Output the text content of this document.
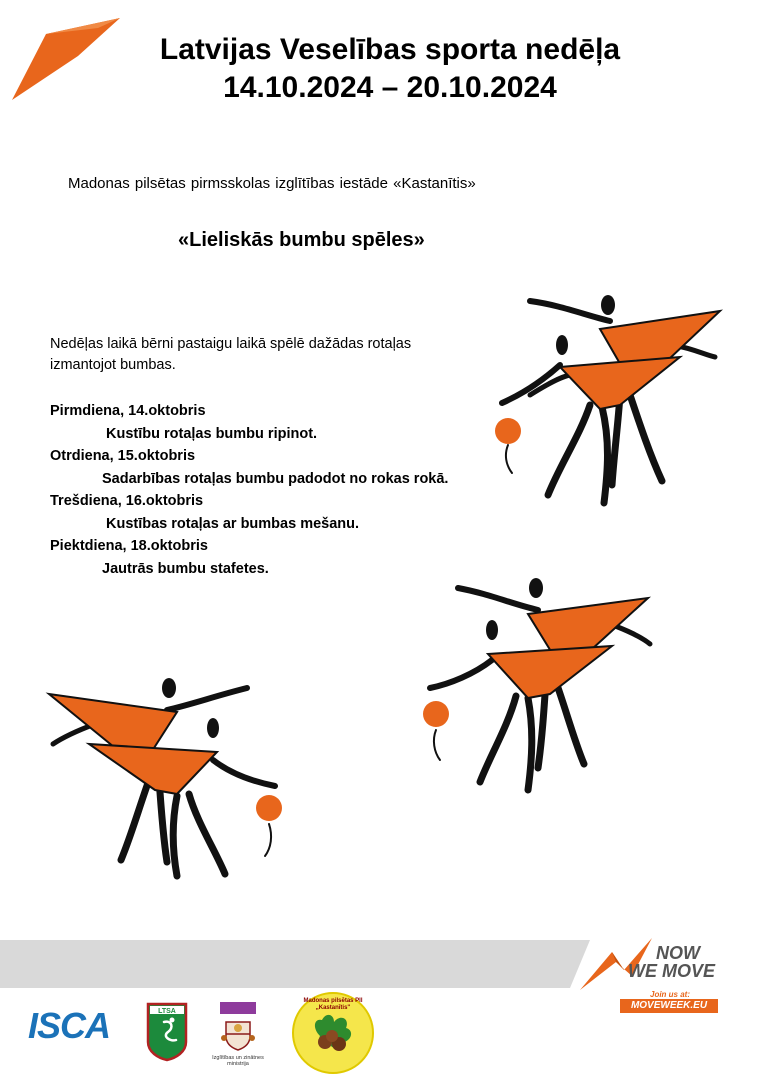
Latvijas Veselības sporta nedēļa
14.10.2024 – 20.10.2024
Madonas pilsētas pirmsskolas izglītības iestāde «Kastanītis»
«Lieliskās bumbu spēles»
Nedēļas laikā bērni pastaigu laikā spēlē dažādas rotaļas izmantojot bumbas.
Pirmdiena, 14.oktobris
Kustību rotaļas bumbu ripinot.
Otrdiena, 15.oktobris
Sadarbības rotaļas bumbu padodot no rokas rokā.
Trešdiena, 16.oktobris
Kustības rotaļas ar bumbas mešanu.
Piektdiena, 18.oktobris
Jautrās bumbu stafetes.
NOW
WE MOVE
Join us at:
MOVEWEEK.EU
ISCA	LTSA
Izglītības un zinātnes ministrija
Madonas pilsētas PII „Kastanītis"
